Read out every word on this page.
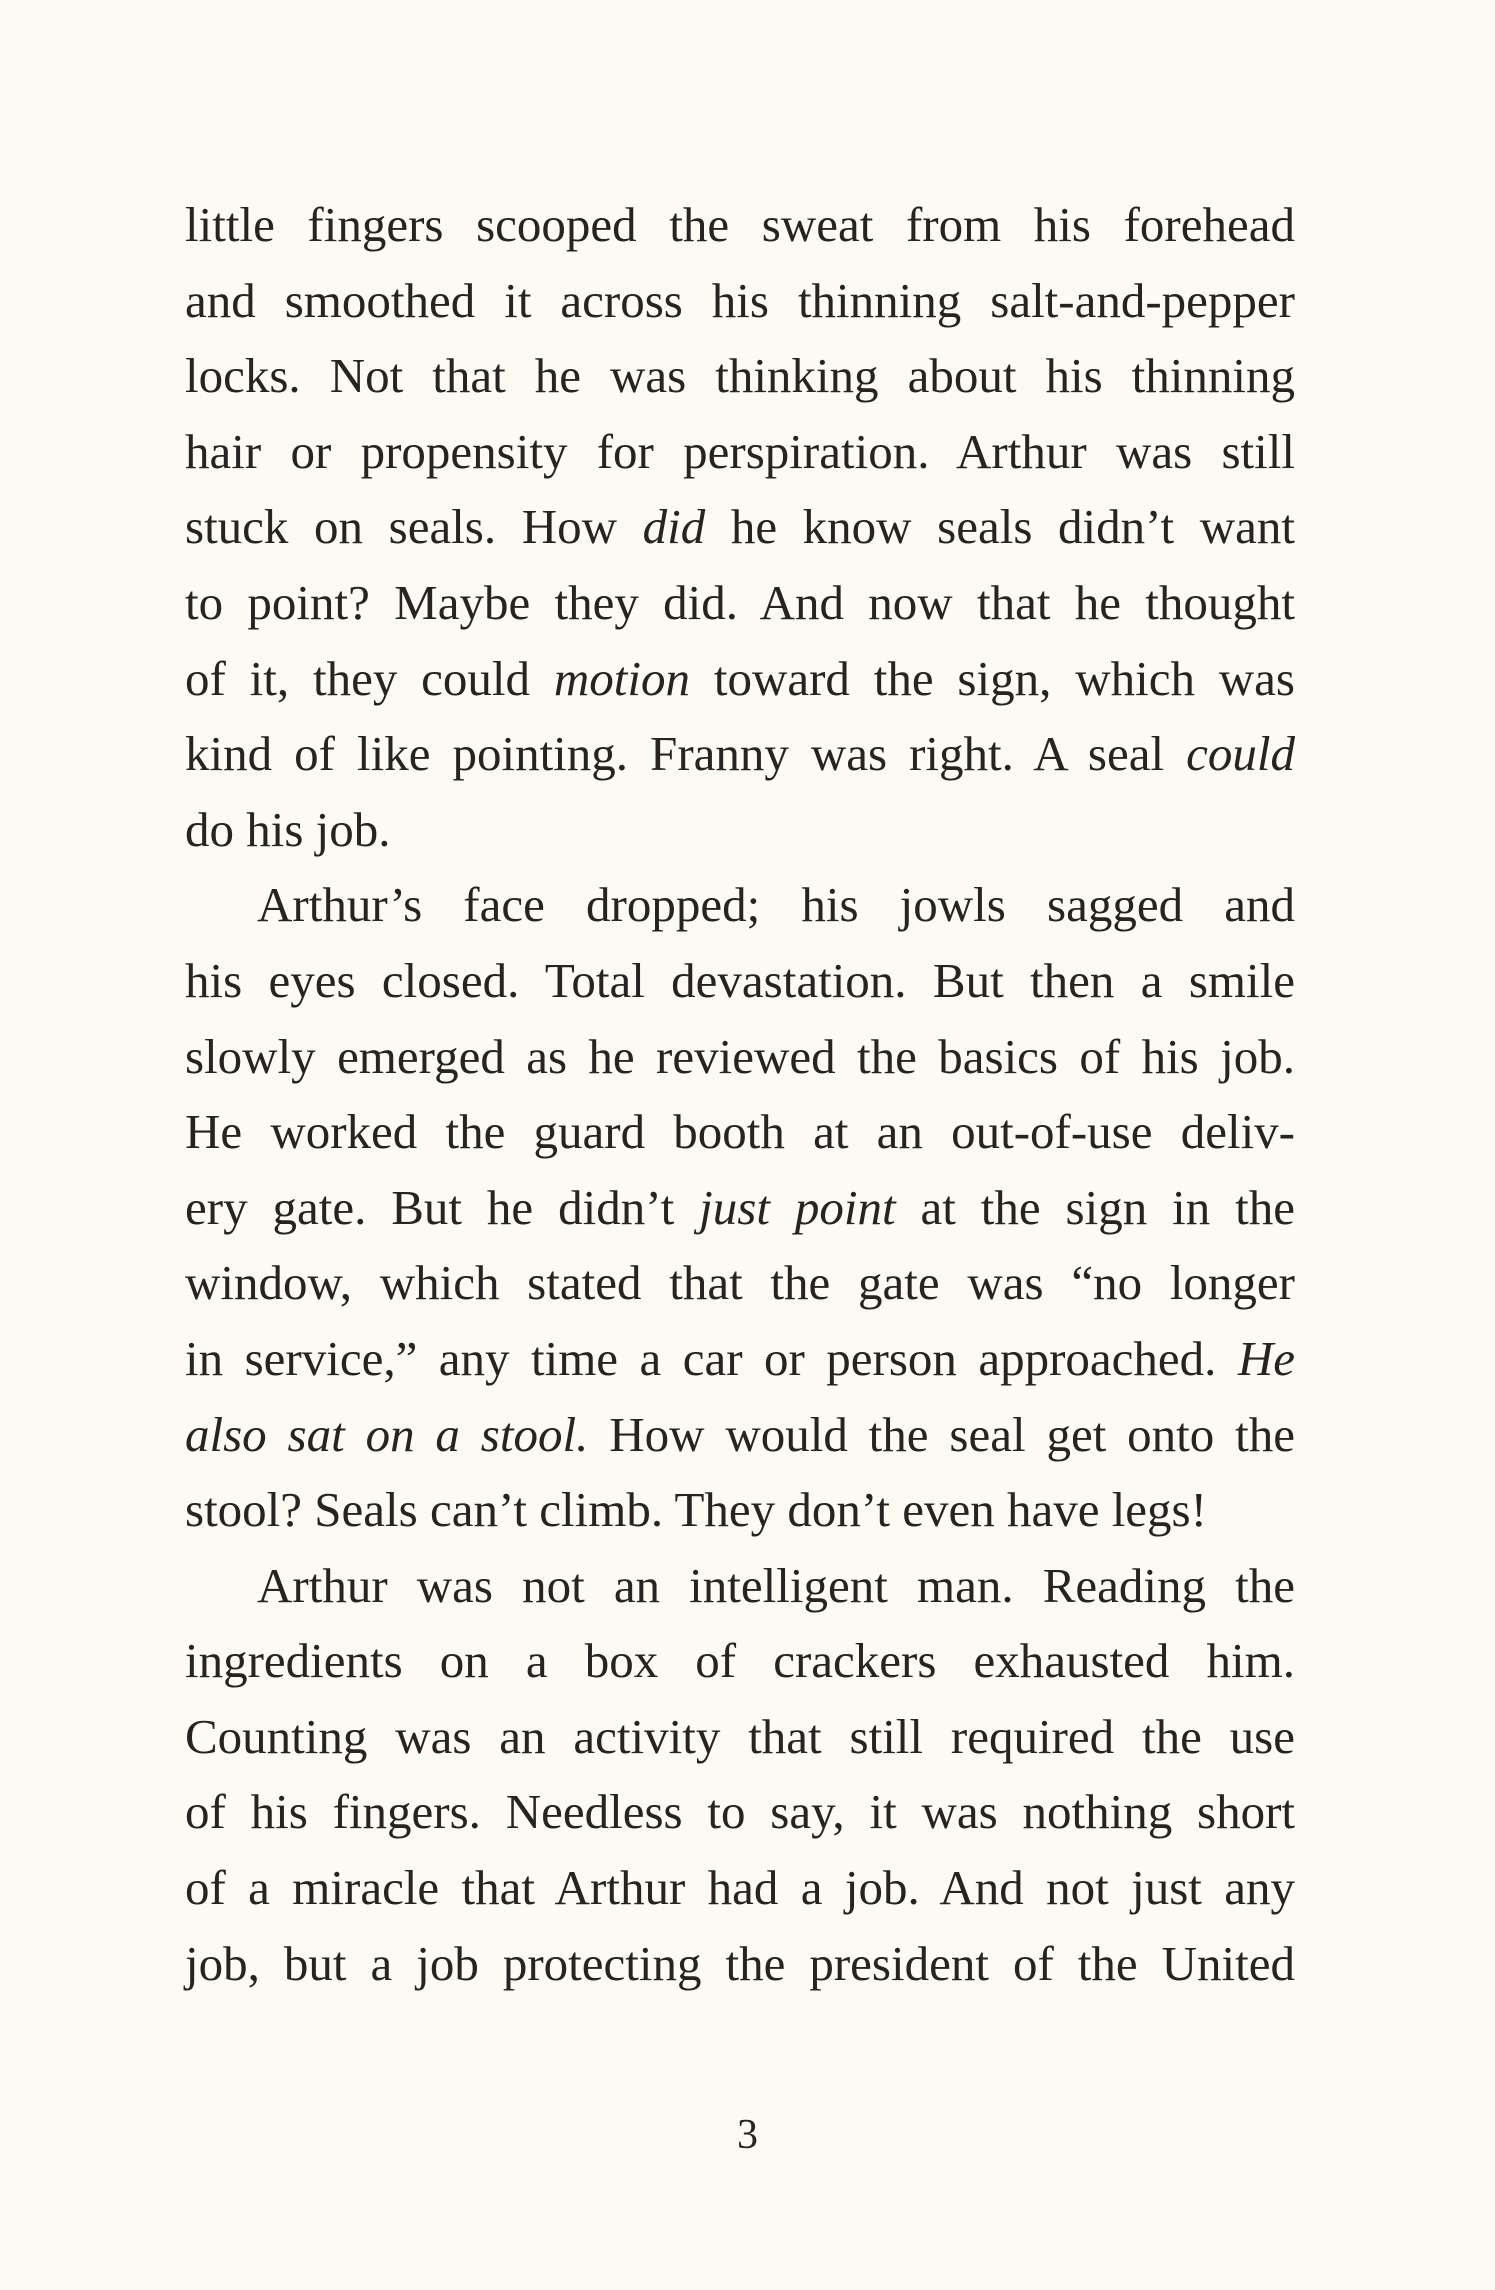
little fingers scooped the sweat from his forehead
and smoothed it across his thinning salt-and-pepper
locks. Not that he was thinking about his thinning
hair or propensity for perspiration. Arthur was still
stuck on seals. How did he know seals didn’t want
to point? Maybe they did. And now that he thought
of it, they could motion toward the sign, which was
kind of like pointing. Franny was right. A seal could
do his job.
Arthur’s face dropped; his jowls sagged and
his eyes closed. Total devastation. But then a smile
slowly emerged as he reviewed the basics of his job.
He worked the guard booth at an out-of-use deliv-
ery gate. But he didn’t just point at the sign in the
window, which stated that the gate was “no longer
in service,” any time a car or person approached. He
also sat on a stool. How would the seal get onto the
stool? Seals can’t climb. They don’t even have legs!
Arthur was not an intelligent man. Reading the
ingredients on a box of crackers exhausted him.
Counting was an activity that still required the use
of his fingers. Needless to say, it was nothing short
of a miracle that Arthur had a job. And not just any
job, but a job protecting the president of the United
3
